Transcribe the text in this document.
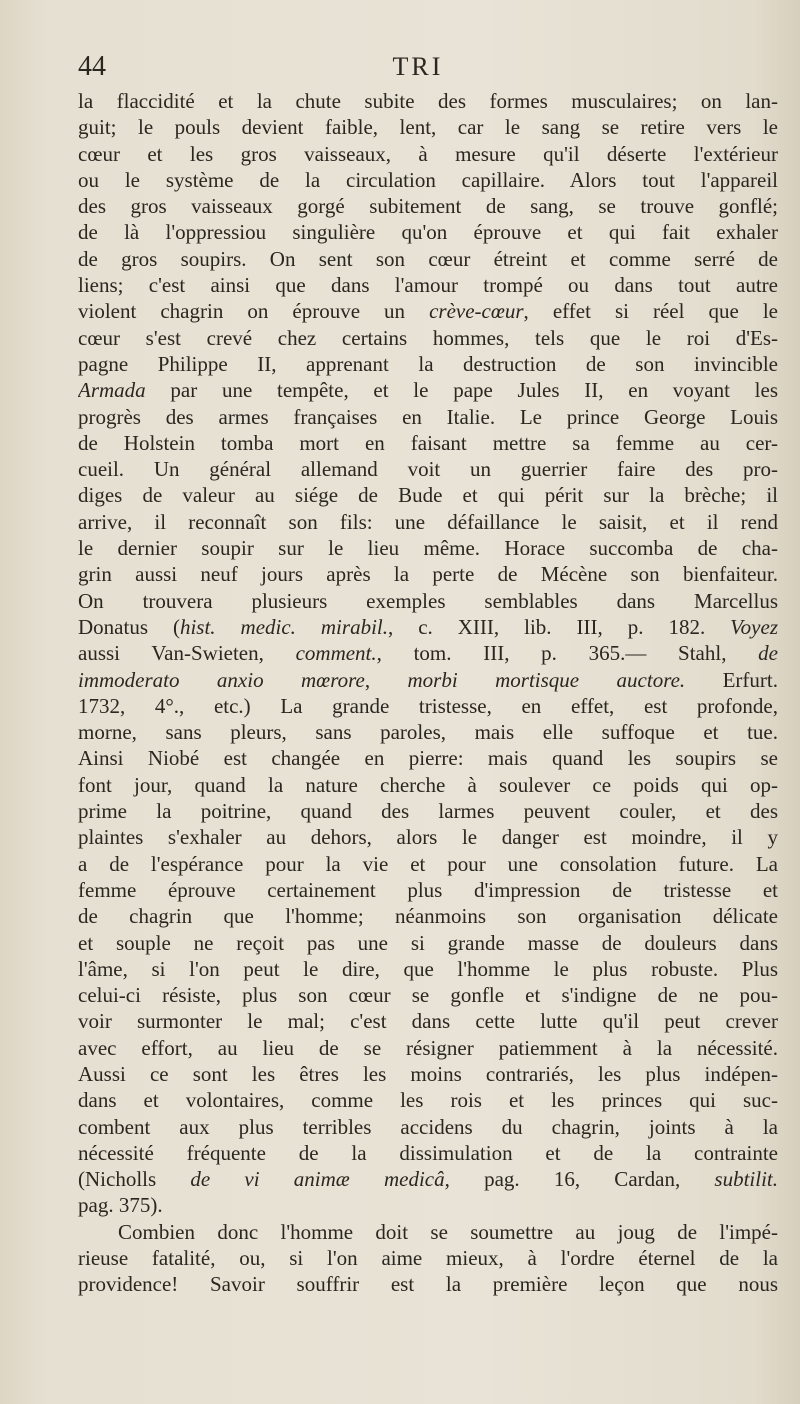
44	TRI
la flaccidité et la chute subite des formes musculaires; on lan-
guit; le pouls devient faible, lent, car le sang se retire vers le
cœur et les gros vaisseaux, à mesure qu'il déserte l'extérieur
ou le système de la circulation capillaire. Alors tout l'appareil
des gros vaisseaux gorgé subitement de sang, se trouve gonflé;
de là l'oppressiou singulière qu'on éprouve et qui fait exhaler
de gros soupirs. On sent son cœur étreint et comme serré de
liens; c'est ainsi que dans l'amour trompé ou dans tout autre
violent chagrin on éprouve un crève-cœur, effet si réel que le
cœur s'est crevé chez certains hommes, tels que le roi d'Es-
pagne Philippe II, apprenant la destruction de son invincible
Armada par une tempête, et le pape Jules II, en voyant les
progrès des armes françaises en Italie. Le prince George Louis
de Holstein tomba mort en faisant mettre sa femme au cer-
cueil. Un général allemand voit un guerrier faire des pro-
diges de valeur au siége de Bude et qui périt sur la brèche; il
arrive, il reconnaît son fils: une défaillance le saisit, et il rend
le dernier soupir sur le lieu même. Horace succomba de cha-
grin aussi neuf jours après la perte de Mécène son bienfaiteur.
On trouvera plusieurs exemples semblables dans Marcellus
Donatus (hist. medic. mirabil., c. XIII, lib. III, p. 182. Voyez
aussi Van-Swieten, comment., tom. III, p. 365.— Stahl, de
immoderato anxio mœrore, morbi mortisque auctore. Erfurt.
1732, 4°., etc.) La grande tristesse, en effet, est profonde,
morne, sans pleurs, sans paroles, mais elle suffoque et tue.
Ainsi Niobé est changée en pierre: mais quand les soupirs se
font jour, quand la nature cherche à soulever ce poids qui op-
prime la poitrine, quand des larmes peuvent couler, et des
plaintes s'exhaler au dehors, alors le danger est moindre, il y
a de l'espérance pour la vie et pour une consolation future. La
femme éprouve certainement plus d'impression de tristesse et
de chagrin que l'homme; néanmoins son organisation délicate
et souple ne reçoit pas une si grande masse de douleurs dans
l'âme, si l'on peut le dire, que l'homme le plus robuste. Plus
celui-ci résiste, plus son cœur se gonfle et s'indigne de ne pou-
voir surmonter le mal; c'est dans cette lutte qu'il peut crever
avec effort, au lieu de se résigner patiemment à la nécessité.
Aussi ce sont les êtres les moins contrariés, les plus indépen-
dans et volontaires, comme les rois et les princes qui suc-
combent aux plus terribles accidens du chagrin, joints à la
nécessité fréquente de la dissimulation et de la contrainte
(Nicholls de vi animæ medicâ, pag. 16, Cardan, subtilit.
pag. 375).
Combien donc l'homme doit se soumettre au joug de l'impé-
rieuse fatalité, ou, si l'on aime mieux, à l'ordre éternel de la
providence! Savoir souffrir est la première leçon que nous
